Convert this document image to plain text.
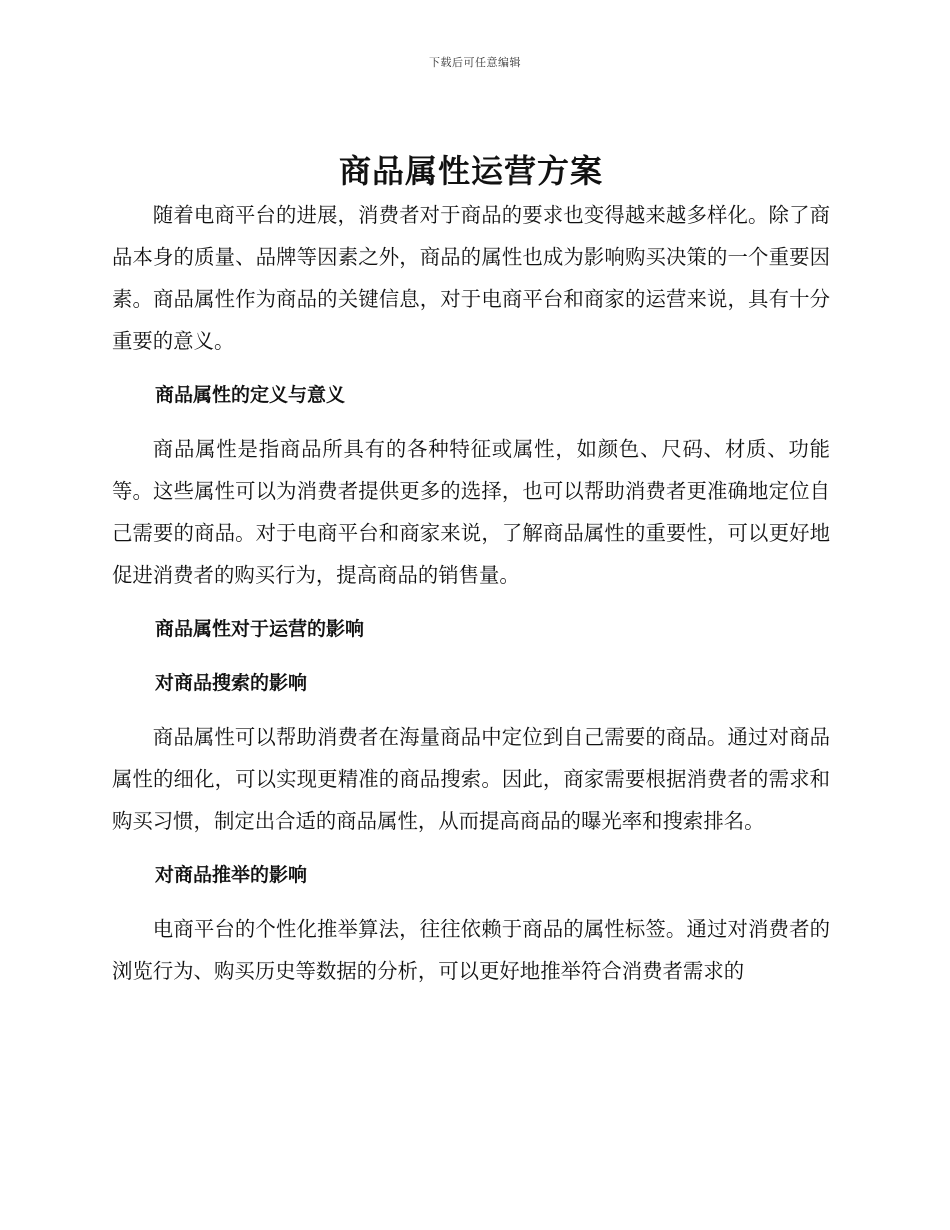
下载后可任意编辑
商品属性运营方案

随着电商平台的进展，消费者对于商品的要求也变得越来越多样化。除了商品本身的质量、品牌等因素之外，商品的属性也成为影响购买决策的一个重要因素。商品属性作为商品的关键信息，对于电商平台和商家的运营来说，具有十分重要的意义。

商品属性的定义与意义

商品属性是指商品所具有的各种特征或属性，如颜色、尺码、材质、功能等。这些属性可以为消费者提供更多的选择，也可以帮助消费者更准确地定位自己需要的商品。对于电商平台和商家来说，了解商品属性的重要性，可以更好地促进消费者的购买行为，提高商品的销售量。

商品属性对于运营的影响
对商品搜索的影响

商品属性可以帮助消费者在海量商品中定位到自己需要的商品。通过对商品属性的细化，可以实现更精准的商品搜索。因此，商家需要根据消费者的需求和购买习惯，制定出合适的商品属性，从而提高商品的曝光率和搜索排名。

对商品推举的影响

电商平台的个性化推举算法，往往依赖于商品的属性标签。通过对消费者的浏览行为、购买历史等数据的分析，可以更好地推举符合消费者需求的
